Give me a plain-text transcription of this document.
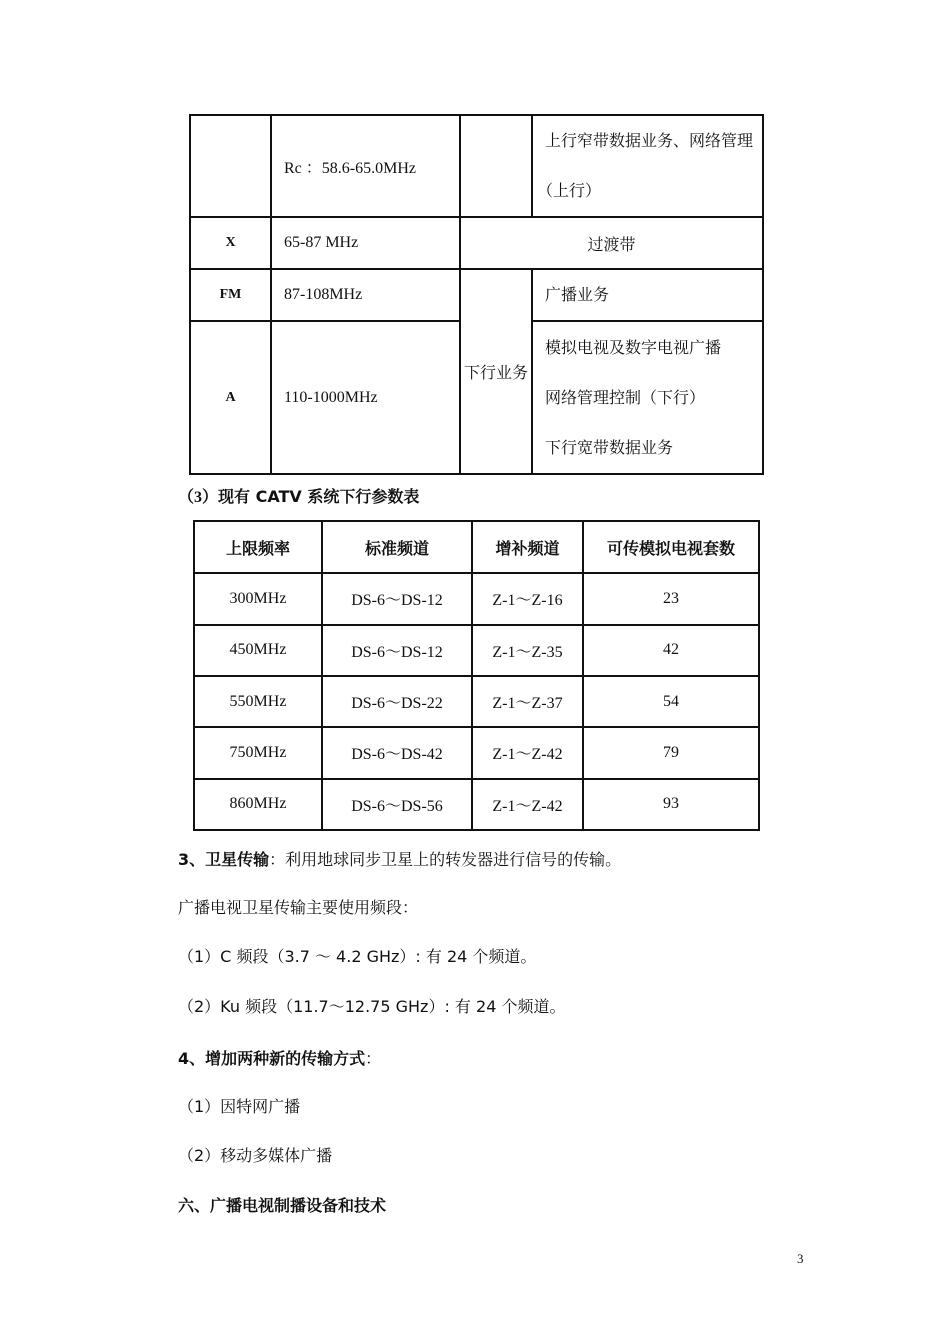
	Rc ：58.6-65.0MHz		上行窄带数据业务、网络管理
（上行）

X	65-87 MHz	过渡带	
FM	87-108MHz	下行业务	广播业务

A	110-1000MHz		模拟电视及数字电视广播
网络管理控制（下行）
下行宽带数据业务
（3）现有 CATV 系统下行参数表
上限频率	标准频道	增补频道	可传模拟电视套数
300MHz	DS-6～DS-12	Z-1～Z-16	23
450MHz	DS-6～DS-12	Z-1～Z-35	42
550MHz	DS-6～DS-22	Z-1～Z-37	54
750MHz	DS-6～DS-42	Z-1～Z-42	79
860MHz	DS-6～DS-56	Z-1～Z-42	93
3、卫星传输：利用地球同步卫星上的转发器进行信号的传输。
广播电视卫星传输主要使用频段：
（1）C 频段（3.7 ～ 4.2 GHz）: 有 24 个频道。
（2）Ku 频段（11.7～12.75 GHz）: 有 24 个频道。
4、增加两种新的传输方式：
（1）因特网广播
（2）移动多媒体广播
六、广播电视制播设备和技术
3
